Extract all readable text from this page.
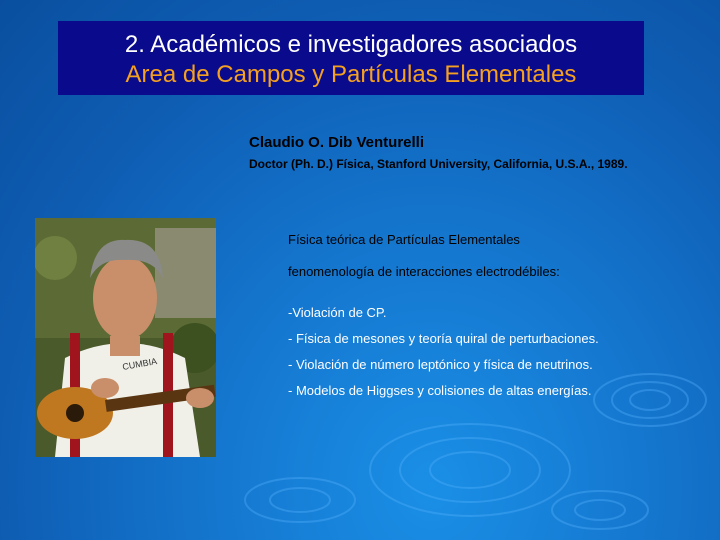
2. Académicos e investigadores asociados
Area de Campos y Partículas Elementales
Claudio O. Dib Venturelli
Doctor (Ph. D.) Física, Stanford University, California, U.S.A., 1989.
Física teórica de Partículas Elementales
fenomenología de interacciones electrodébiles:
-Violación de CP.
- Física de mesones y teoría quiral de perturbaciones.
- Violación de número leptónico y física de neutrinos.
- Modelos de Higgses y colisiones de altas energías.
CUMBIA
